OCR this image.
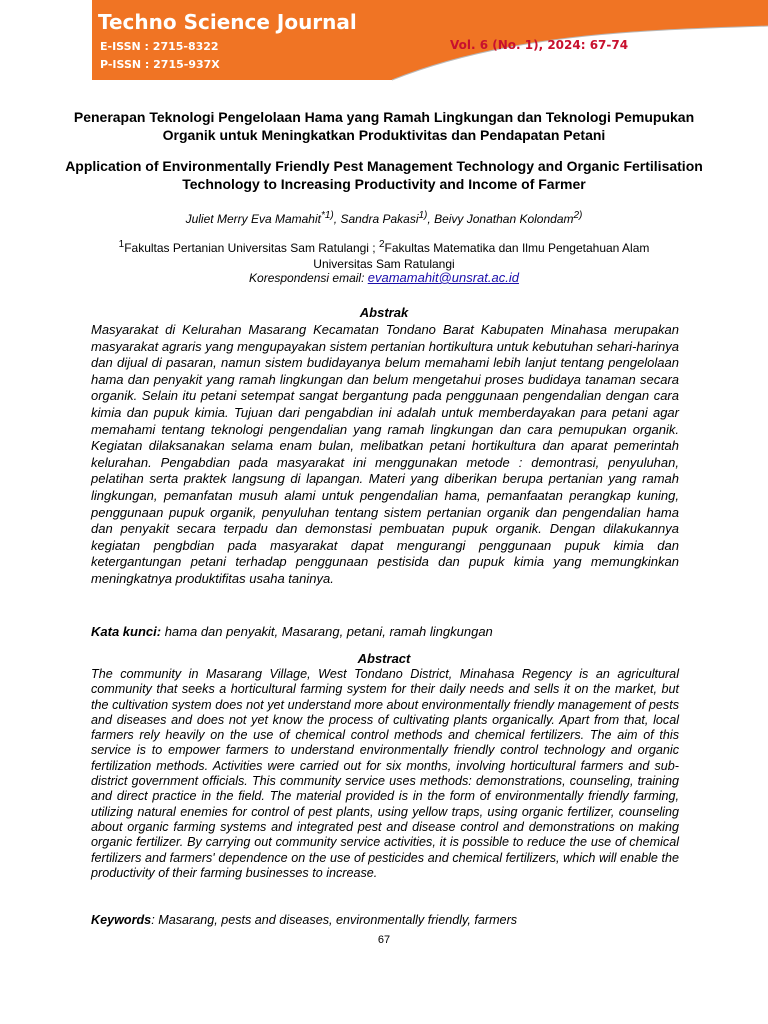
Techno Science Journal
E-ISSN : 2715-8322
P-ISSN : 2715-937X
Vol. 6 (No. 1), 2024: 67-74
Penerapan Teknologi Pengelolaan Hama yang Ramah Lingkungan dan Teknologi Pemupukan Organik untuk Meningkatkan Produktivitas dan Pendapatan Petani
Application of Environmentally Friendly Pest Management Technology and Organic Fertilisation Technology to Increasing Productivity and Income of Farmer
Juliet Merry Eva Mamahit$^{*1)}$, Sandra Pakasi$^{1)}$, Beivy Jonathan Kolondam$^{2)}$
$^1$Fakultas Pertanian Universitas Sam Ratulangi ; $^2$Fakultas Matematika dan Ilmu Pengetahuan Alam Universitas Sam Ratulangi
Korespondensi email: evamamahit@unsrat.ac.id
Abstrak
Masyarakat di Kelurahan Masarang Kecamatan Tondano Barat Kabupaten Minahasa merupakan masyarakat agraris yang mengupayakan sistem pertanian hortikultura untuk kebutuhan sehari-harinya dan dijual di pasaran, namun sistem budidayanya belum memahami lebih lanjut tentang pengelolaan hama dan penyakit yang ramah lingkungan dan belum mengetahui proses budidaya tanaman secara organik. Selain itu petani setempat sangat bergantung pada penggunaan pengendalian dengan cara kimia dan pupuk kimia. Tujuan dari pengabdian ini adalah untuk memberdayakan para petani agar memahami tentang teknologi pengendalian yang ramah lingkungan dan cara pemupukan organik. Kegiatan dilaksanakan selama enam bulan, melibatkan petani hortikultura dan aparat pemerintah kelurahan. Pengabdian pada masyarakat ini menggunakan metode : demontrasi, penyuluhan, pelatihan serta praktek langsung di lapangan. Materi yang diberikan berupa pertanian yang ramah lingkungan, pemanfatan musuh alami untuk pengendalian hama, pemanfaatan perangkap kuning, penggunaan pupuk organik, penyuluhan tentang sistem pertanian organik dan pengendalian hama dan penyakit secara terpadu dan demonstasi pembuatan pupuk organik. Dengan dilakukannya kegiatan pengbdian pada masyarakat dapat mengurangi penggunaan pupuk kimia dan ketergantungan petani terhadap penggunaan pestisida dan pupuk kimia yang memungkinkan meningkatnya produktifitas usaha taninya.
Kata kunci: hama dan penyakit, Masarang, petani, ramah lingkungan
Abstract
The community in Masarang Village, West Tondano District, Minahasa Regency is an agricultural community that seeks a horticultural farming system for their daily needs and sells it on the market, but the cultivation system does not yet understand more about environmentally friendly management of pests and diseases and does not yet know the process of cultivating plants organically. Apart from that, local farmers rely heavily on the use of chemical control methods and chemical fertilizers. The aim of this service is to empower farmers to understand environmentally friendly control technology and organic fertilization methods. Activities were carried out for six months, involving horticultural farmers and sub-district government officials. This community service uses methods: demonstrations, counseling, training and direct practice in the field. The material provided is in the form of environmentally friendly farming, utilizing natural enemies for control of pest plants, using yellow traps, using organic fertilizer, counseling about organic farming systems and integrated pest and disease control and demonstrations on making organic fertilizer. By carrying out community service activities, it is possible to reduce the use of chemical fertilizers and farmers' dependence on the use of pesticides and chemical fertilizers, which will enable the productivity of their farming businesses to increase.
Keywords: Masarang, pests and diseases, environmentally friendly, farmers
67
